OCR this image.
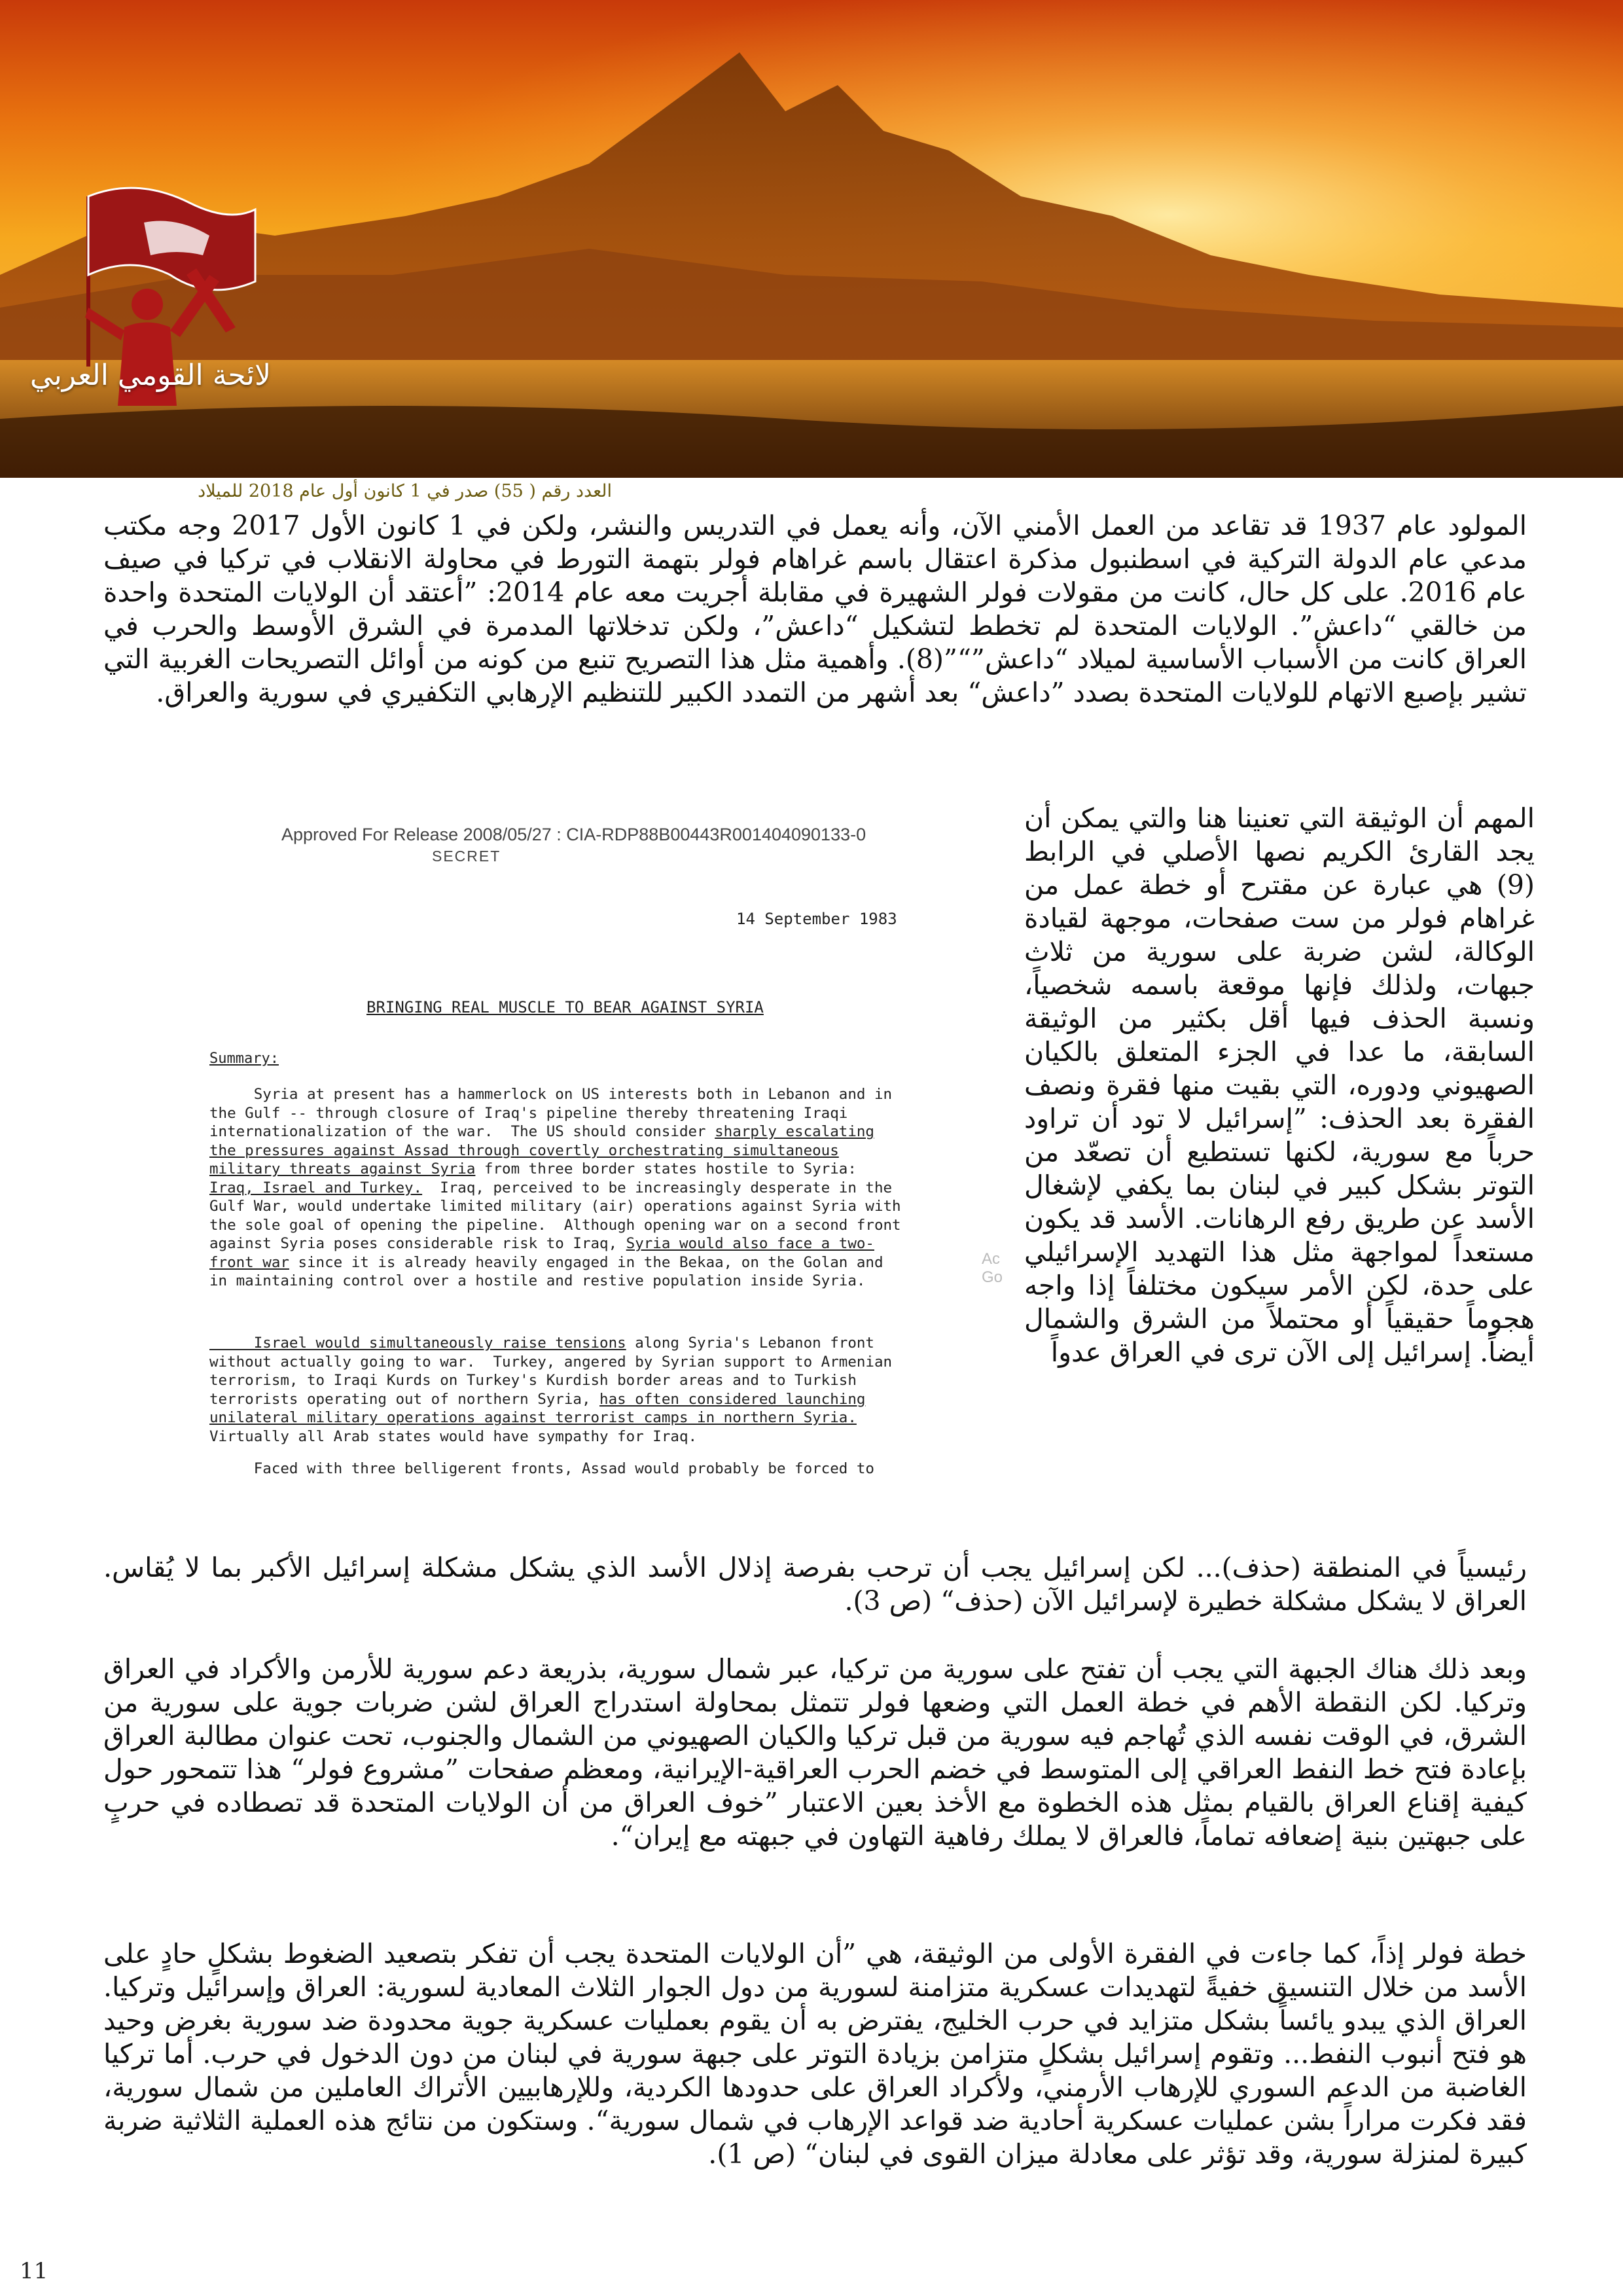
لائحة القومي العربي
العدد رقم ( 55) صدر في 1 كانون أول عام 2018 للميلاد

المولود عام 1937 قد تقاعد من العمل الأمني الآن، وأنه يعمل في التدريس والنشر، ولكن في 1 كانون الأول 2017 وجه مكتب مدعي عام الدولة التركية في اسطنبول مذكرة اعتقال باسم غراهام فولر بتهمة التورط في محاولة الانقلاب في تركيا في صيف عام 2016. على كل حال، كانت من مقولات فولر الشهيرة في مقابلة أجريت معه عام 2014: ”أعتقد أن الولايات المتحدة واحدة من خالقي “داعش”. الولايات المتحدة لم تخطط لتشكيل “داعش”، ولكن تدخلاتها المدمرة في الشرق الأوسط والحرب في العراق كانت من الأسباب الأساسية لميلاد “داعش”“”(8). وأهمية مثل هذا التصريح تنبع من كونه من أوائل التصريحات الغربية التي تشير بإصبع الاتهام للولايات المتحدة بصدد ”داعش“ بعد أشهر من التمدد الكبير للتنظيم الإرهابي التكفيري في سورية والعراق.

Approved For Release 2008/05/27 : CIA-RDP88B00443R001404090133-0
SECRET
14 September 1983
BRINGING REAL MUSCLE TO BEAR AGAINST SYRIA
Summary:
Syria at present has a hammerlock on US interests both in Lebanon and in
the Gulf -- through closure of Iraq's pipeline thereby threatening Iraqi
internationalization of the war.  The US should consider sharply escalating
the pressures against Assad through covertly orchestrating simultaneous
military threats against Syria from three border states hostile to Syria:
Iraq, Israel and Turkey.  Iraq, perceived to be increasingly desperate in the
Gulf War, would undertake limited military (air) operations against Syria with
the sole goal of opening the pipeline.  Although opening war on a second front
against Syria poses considerable risk to Iraq, Syria would also face a two-
front war since it is already heavily engaged in the Bekaa, on the Golan and
in maintaining control over a hostile and restive population inside Syria.
Israel would simultaneously raise tensions along Syria's Lebanon front
without actually going to war.  Turkey, angered by Syrian support to Armenian
terrorism, to Iraqi Kurds on Turkey's Kurdish border areas and to Turkish
terrorists operating out of northern Syria, has often considered launching
unilateral military operations against terrorist camps in northern Syria.
Virtually all Arab states would have sympathy for Iraq.
Faced with three belligerent fronts, Assad would probably be forced to
Ac
Go

المهم أن الوثيقة التي تعنينا هنا والتي يمكن أن يجد القارئ الكريم نصها الأصلي في الرابط (9) هي عبارة عن مقترح أو خطة عمل من غراهام فولر من ست صفحات، موجهة لقيادة الوكالة، لشن ضربة على سورية من ثلاث جبهات، ولذلك فإنها موقعة باسمه شخصياً، ونسبة الحذف فيها أقل بكثير من الوثيقة السابقة، ما عدا في الجزء المتعلق بالكيان الصهيوني ودوره، التي بقيت منها فقرة ونصف الفقرة بعد الحذف: ”إسرائيل لا تود أن تراود حرباً مع سورية، لكنها تستطيع أن تصعّد من التوتر بشكل كبير في لبنان بما يكفي لإشغال الأسد عن طريق رفع الرهانات. الأسد قد يكون مستعداً لمواجهة مثل هذا التهديد الإسرائيلي على حدة، لكن الأمر سيكون مختلفاً إذا واجه هجوماً حقيقياً أو محتملاً من الشرق والشمال أيضاً. إسرائيل إلى الآن ترى في العراق عدواً

رئيسياً في المنطقة (حذف)... لكن إسرائيل يجب أن ترحب بفرصة إذلال الأسد الذي يشكل مشكلة إسرائيل الأكبر بما لا يُقاس. العراق لا يشكل مشكلة خطيرة لإسرائيل الآن (حذف“ (ص 3).

وبعد ذلك هناك الجبهة التي يجب أن تفتح على سورية من تركيا، عبر شمال سورية، بذريعة دعم سورية للأرمن والأكراد في العراق وتركيا. لكن النقطة الأهم في خطة العمل التي وضعها فولر تتمثل بمحاولة استدراج العراق لشن ضربات جوية على سورية من الشرق، في الوقت نفسه الذي تُهاجم فيه سورية من قبل تركيا والكيان الصهيوني من الشمال والجنوب، تحت عنوان مطالبة العراق بإعادة فتح خط النفط العراقي إلى المتوسط في خضم الحرب العراقية-الإيرانية، ومعظم صفحات ”مشروع فولر“ هذا تتمحور حول كيفية إقناع العراق بالقيام بمثل هذه الخطوة مع الأخذ بعين الاعتبار ”خوف العراق من أن الولايات المتحدة قد تصطاده في حربٍ على جبهتين بنية إضعافه تماماً، فالعراق لا يملك رفاهية التهاون في جبهته مع إيران“.

خطة فولر إذاً، كما جاءت في الفقرة الأولى من الوثيقة، هي ”أن الولايات المتحدة يجب أن تفكر بتصعيد الضغوط بشكلٍ حادٍ على الأسد من خلال التنسيق خفيةً لتهديدات عسكرية متزامنة لسورية من دول الجوار الثلاث المعادية لسورية: العراق وإسرائيل وتركيا. العراق الذي يبدو يائساً بشكل متزايد في حرب الخليج، يفترض به أن يقوم بعمليات عسكرية جوية محدودة ضد سورية بغرض وحيد هو فتح أنبوب النفط... وتقوم إسرائيل بشكلٍ متزامن بزيادة التوتر على جبهة سورية في لبنان من دون الدخول في حرب. أما تركيا الغاضبة من الدعم السوري للإرهاب الأرمني، ولأكراد العراق على حدودها الكردية، وللإرهابيين الأتراك العاملين من شمال سورية، فقد فكرت مراراً بشن عمليات عسكرية أحادية ضد قواعد الإرهاب في شمال سورية“. وستكون من نتائج هذه العملية الثلاثية ضربة كبيرة لمنزلة سورية، وقد تؤثر على معادلة ميزان القوى في لبنان“ (ص 1).

11
